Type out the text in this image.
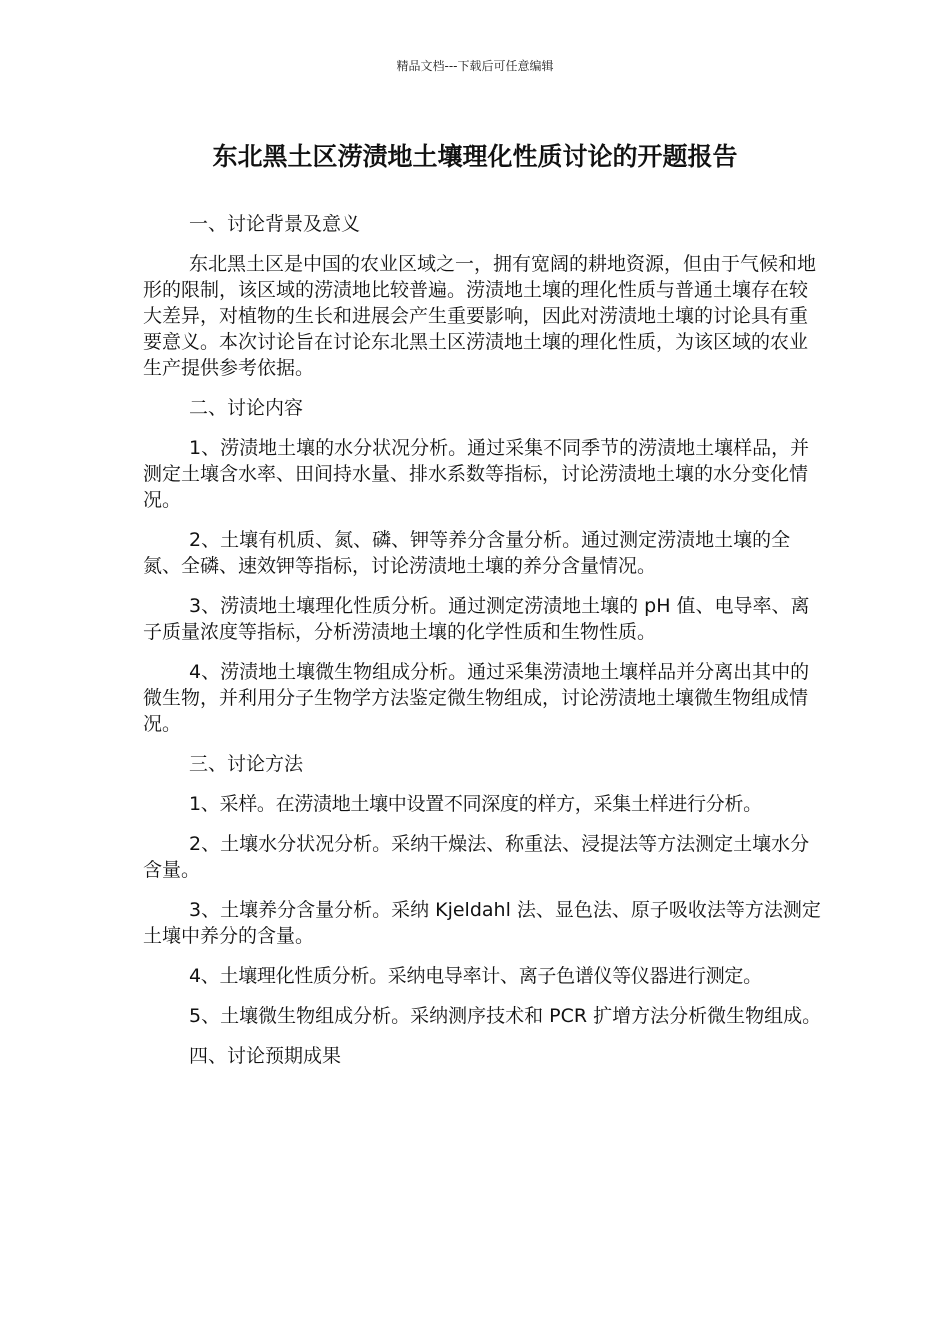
精品文档---下载后可任意编辑
东北黑土区涝渍地土壤理化性质讨论的开题报告

一、讨论背景及意义

东北黑土区是中国的农业区域之一，拥有宽阔的耕地资源，但由于气候和地形的限制，该区域的涝渍地比较普遍。涝渍地土壤的理化性质与普通土壤存在较大差异，对植物的生长和进展会产生重要影响，因此对涝渍地土壤的讨论具有重要意义。本次讨论旨在讨论东北黑土区涝渍地土壤的理化性质，为该区域的农业生产提供参考依据。

二、讨论内容

1、涝渍地土壤的水分状况分析。通过采集不同季节的涝渍地土壤样品，并测定土壤含水率、田间持水量、排水系数等指标，讨论涝渍地土壤的水分变化情况。

2、土壤有机质、氮、磷、钾等养分含量分析。通过测定涝渍地土壤的全氮、全磷、速效钾等指标，讨论涝渍地土壤的养分含量情况。

3、涝渍地土壤理化性质分析。通过测定涝渍地土壤的 pH 值、电导率、离子质量浓度等指标，分析涝渍地土壤的化学性质和生物性质。

4、涝渍地土壤微生物组成分析。通过采集涝渍地土壤样品并分离出其中的微生物，并利用分子生物学方法鉴定微生物组成，讨论涝渍地土壤微生物组成情况。

三、讨论方法

1、采样。在涝渍地土壤中设置不同深度的样方，采集土样进行分析。

2、土壤水分状况分析。采纳干燥法、称重法、浸提法等方法测定土壤水分含量。

3、土壤养分含量分析。采纳 Kjeldahl 法、显色法、原子吸收法等方法测定土壤中养分的含量。

4、土壤理化性质分析。采纳电导率计、离子色谱仪等仪器进行测定。

5、土壤微生物组成分析。采纳测序技术和 PCR 扩增方法分析微生物组成。

四、讨论预期成果
